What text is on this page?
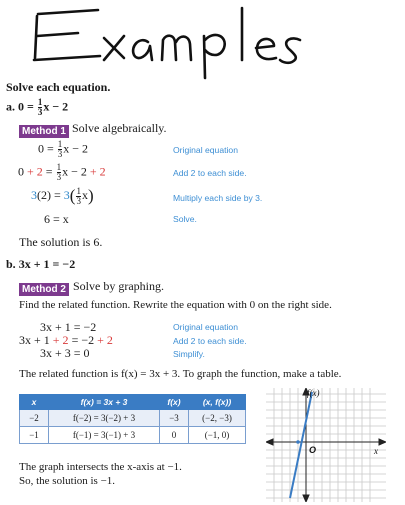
Solve each equation.
a. $0 = \frac{1}{3}$ x − 2
Method 1 Solve algebraically.
$0 = \frac{1}{3}$ x − 2	Original equation
$0 + 2 = \frac{1}{3}$ x − 2 + 2	Add 2 to each side.
$3(2) = 3( \frac{1}{3} x)$	Multiply each side by 3.
6 = x	Solve.
The solution is 6.
b. 3x + 1 = −2
Method 2 Solve by graphing.
Find the related function. Rewrite the equation with 0 on the right side.
3x + 1 = −2	Original equation
3x + 1 + 2 = −2 + 2	Add 2 to each side.
3x + 3 = 0	Simplify.
The related function is f(x) = 3x + 3. To graph the function, make a table.
x	f(x) = 3x + 3	f(x)	(x, f(x))
−2	f(−2) = 3(−2) + 3	−3	(−2, −3)
−1	f(−1) = 3(−1) + 3	0	(−1, 0)
The graph intersects the x-axis at −1.
So, the solution is −1.
f(x)
x
O
